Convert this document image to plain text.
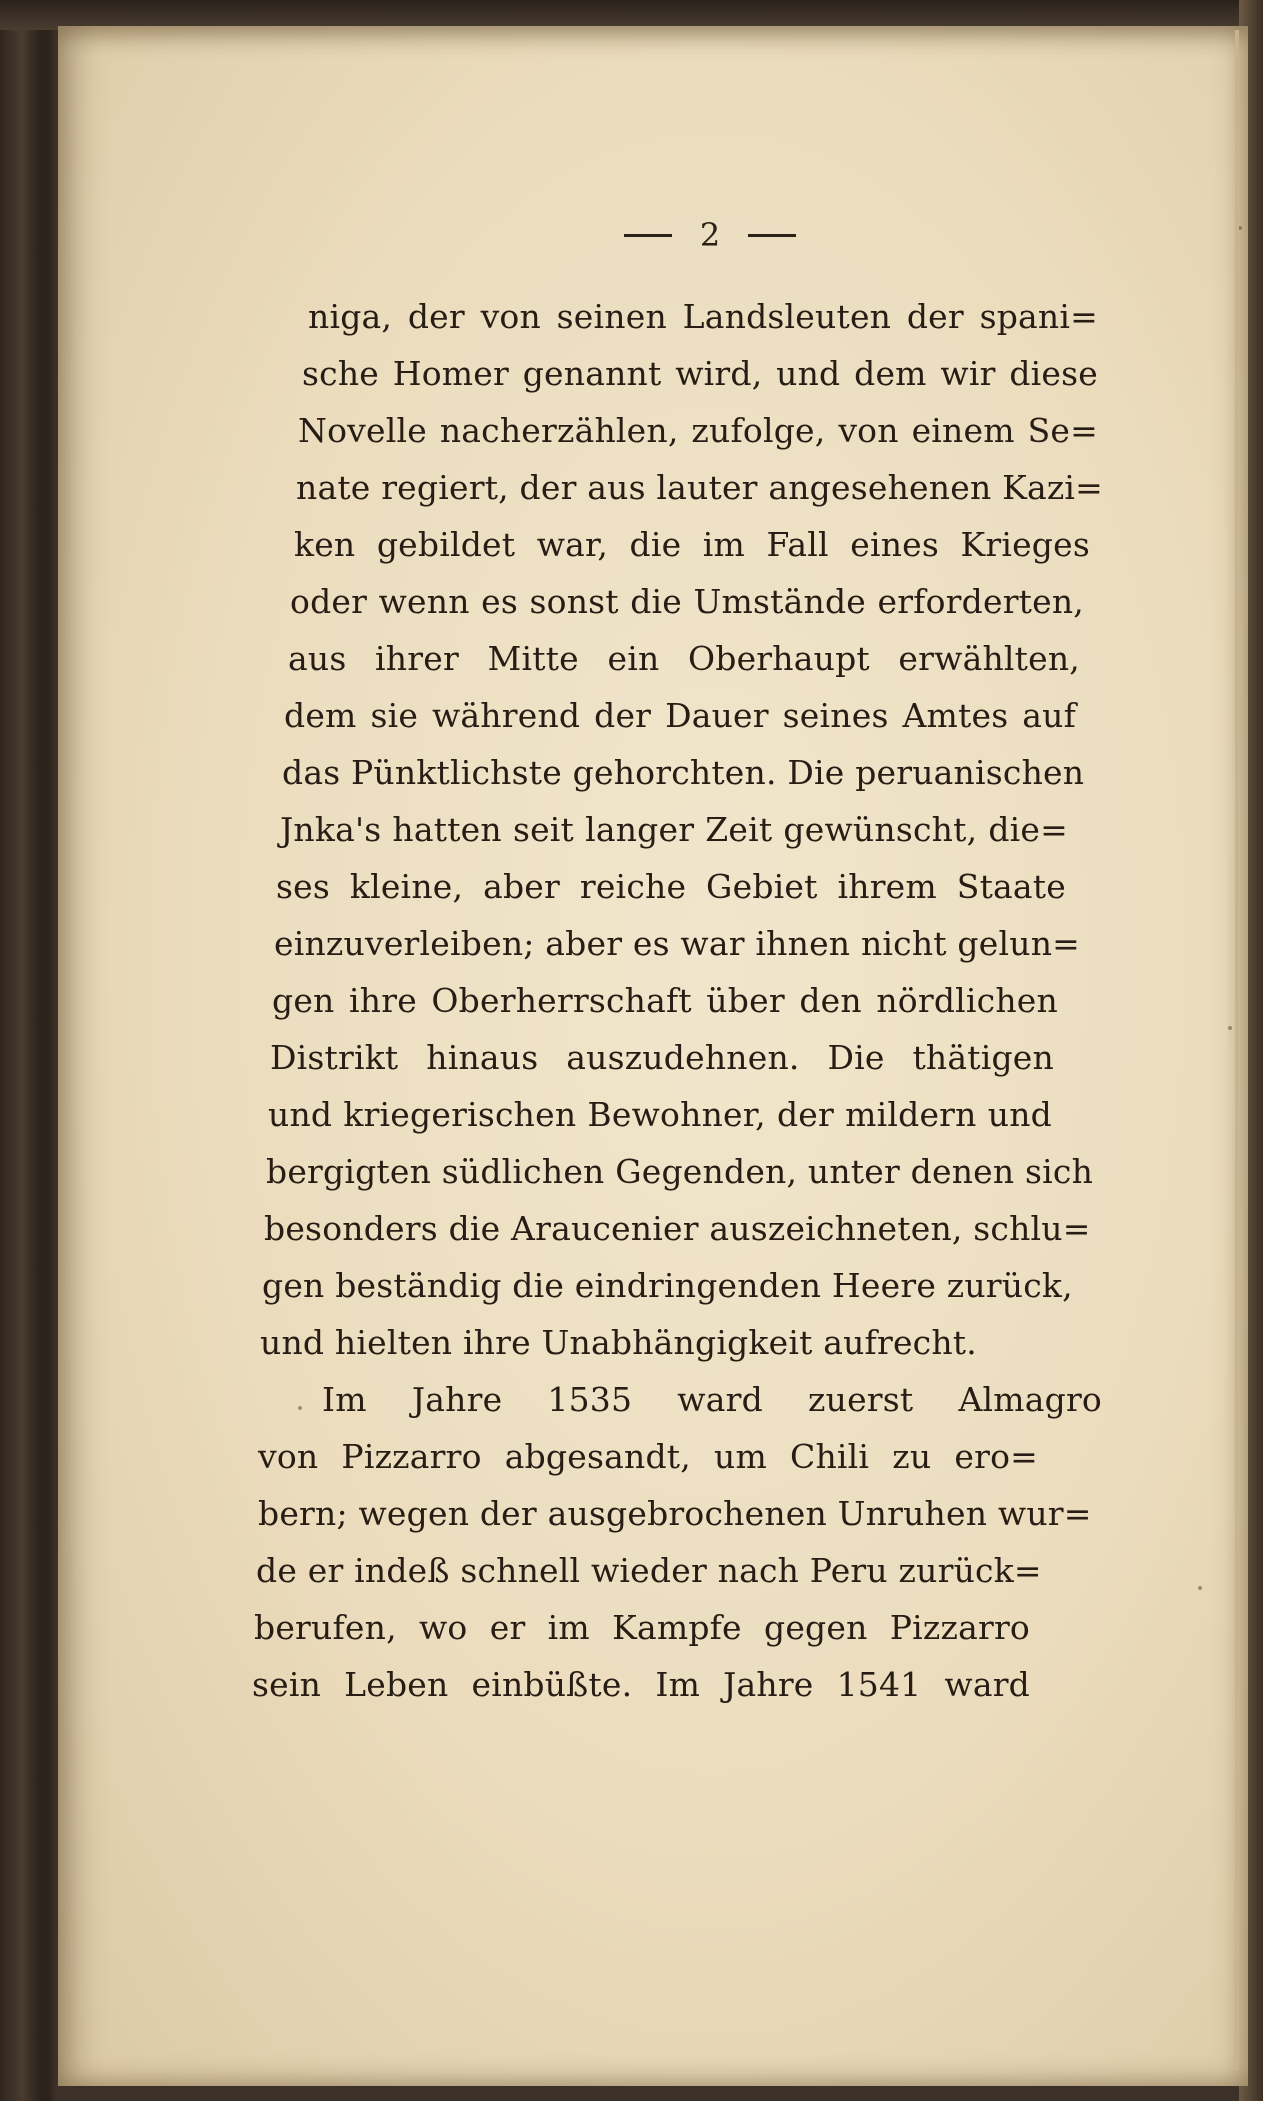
2
niga, der von seinen Landsleuten der spani=
sche Homer genannt wird, und dem wir diese
Novelle nacherzählen, zufolge, von einem Se=
nate regiert, der aus lauter angesehenen Kazi=
ken gebildet war, die im Fall eines Krieges
oder wenn es sonst die Umstände erforderten,
aus ihrer Mitte ein Oberhaupt erwählten,
dem sie während der Dauer seines Amtes auf
das Pünktlichste gehorchten. Die peruanischen
Jnka's hatten seit langer Zeit gewünscht, die=
ses kleine, aber reiche Gebiet ihrem Staate
einzuverleiben; aber es war ihnen nicht gelun=
gen ihre Oberherrschaft über den nördlichen
Distrikt hinaus auszudehnen. Die thätigen
und kriegerischen Bewohner, der mildern und
bergigten südlichen Gegenden, unter denen sich
besonders die Araucenier auszeichneten, schlu=
gen beständig die eindringenden Heere zurück,
und hielten ihre Unabhängigkeit aufrecht.
Im Jahre 1535 ward zuerst Almagro
von Pizzarro abgesandt, um Chili zu ero=
bern; wegen der ausgebrochenen Unruhen wur=
de er indeß schnell wieder nach Peru zurück=
berufen, wo er im Kampfe gegen Pizzarro
sein Leben einbüßte. Im Jahre 1541 ward
